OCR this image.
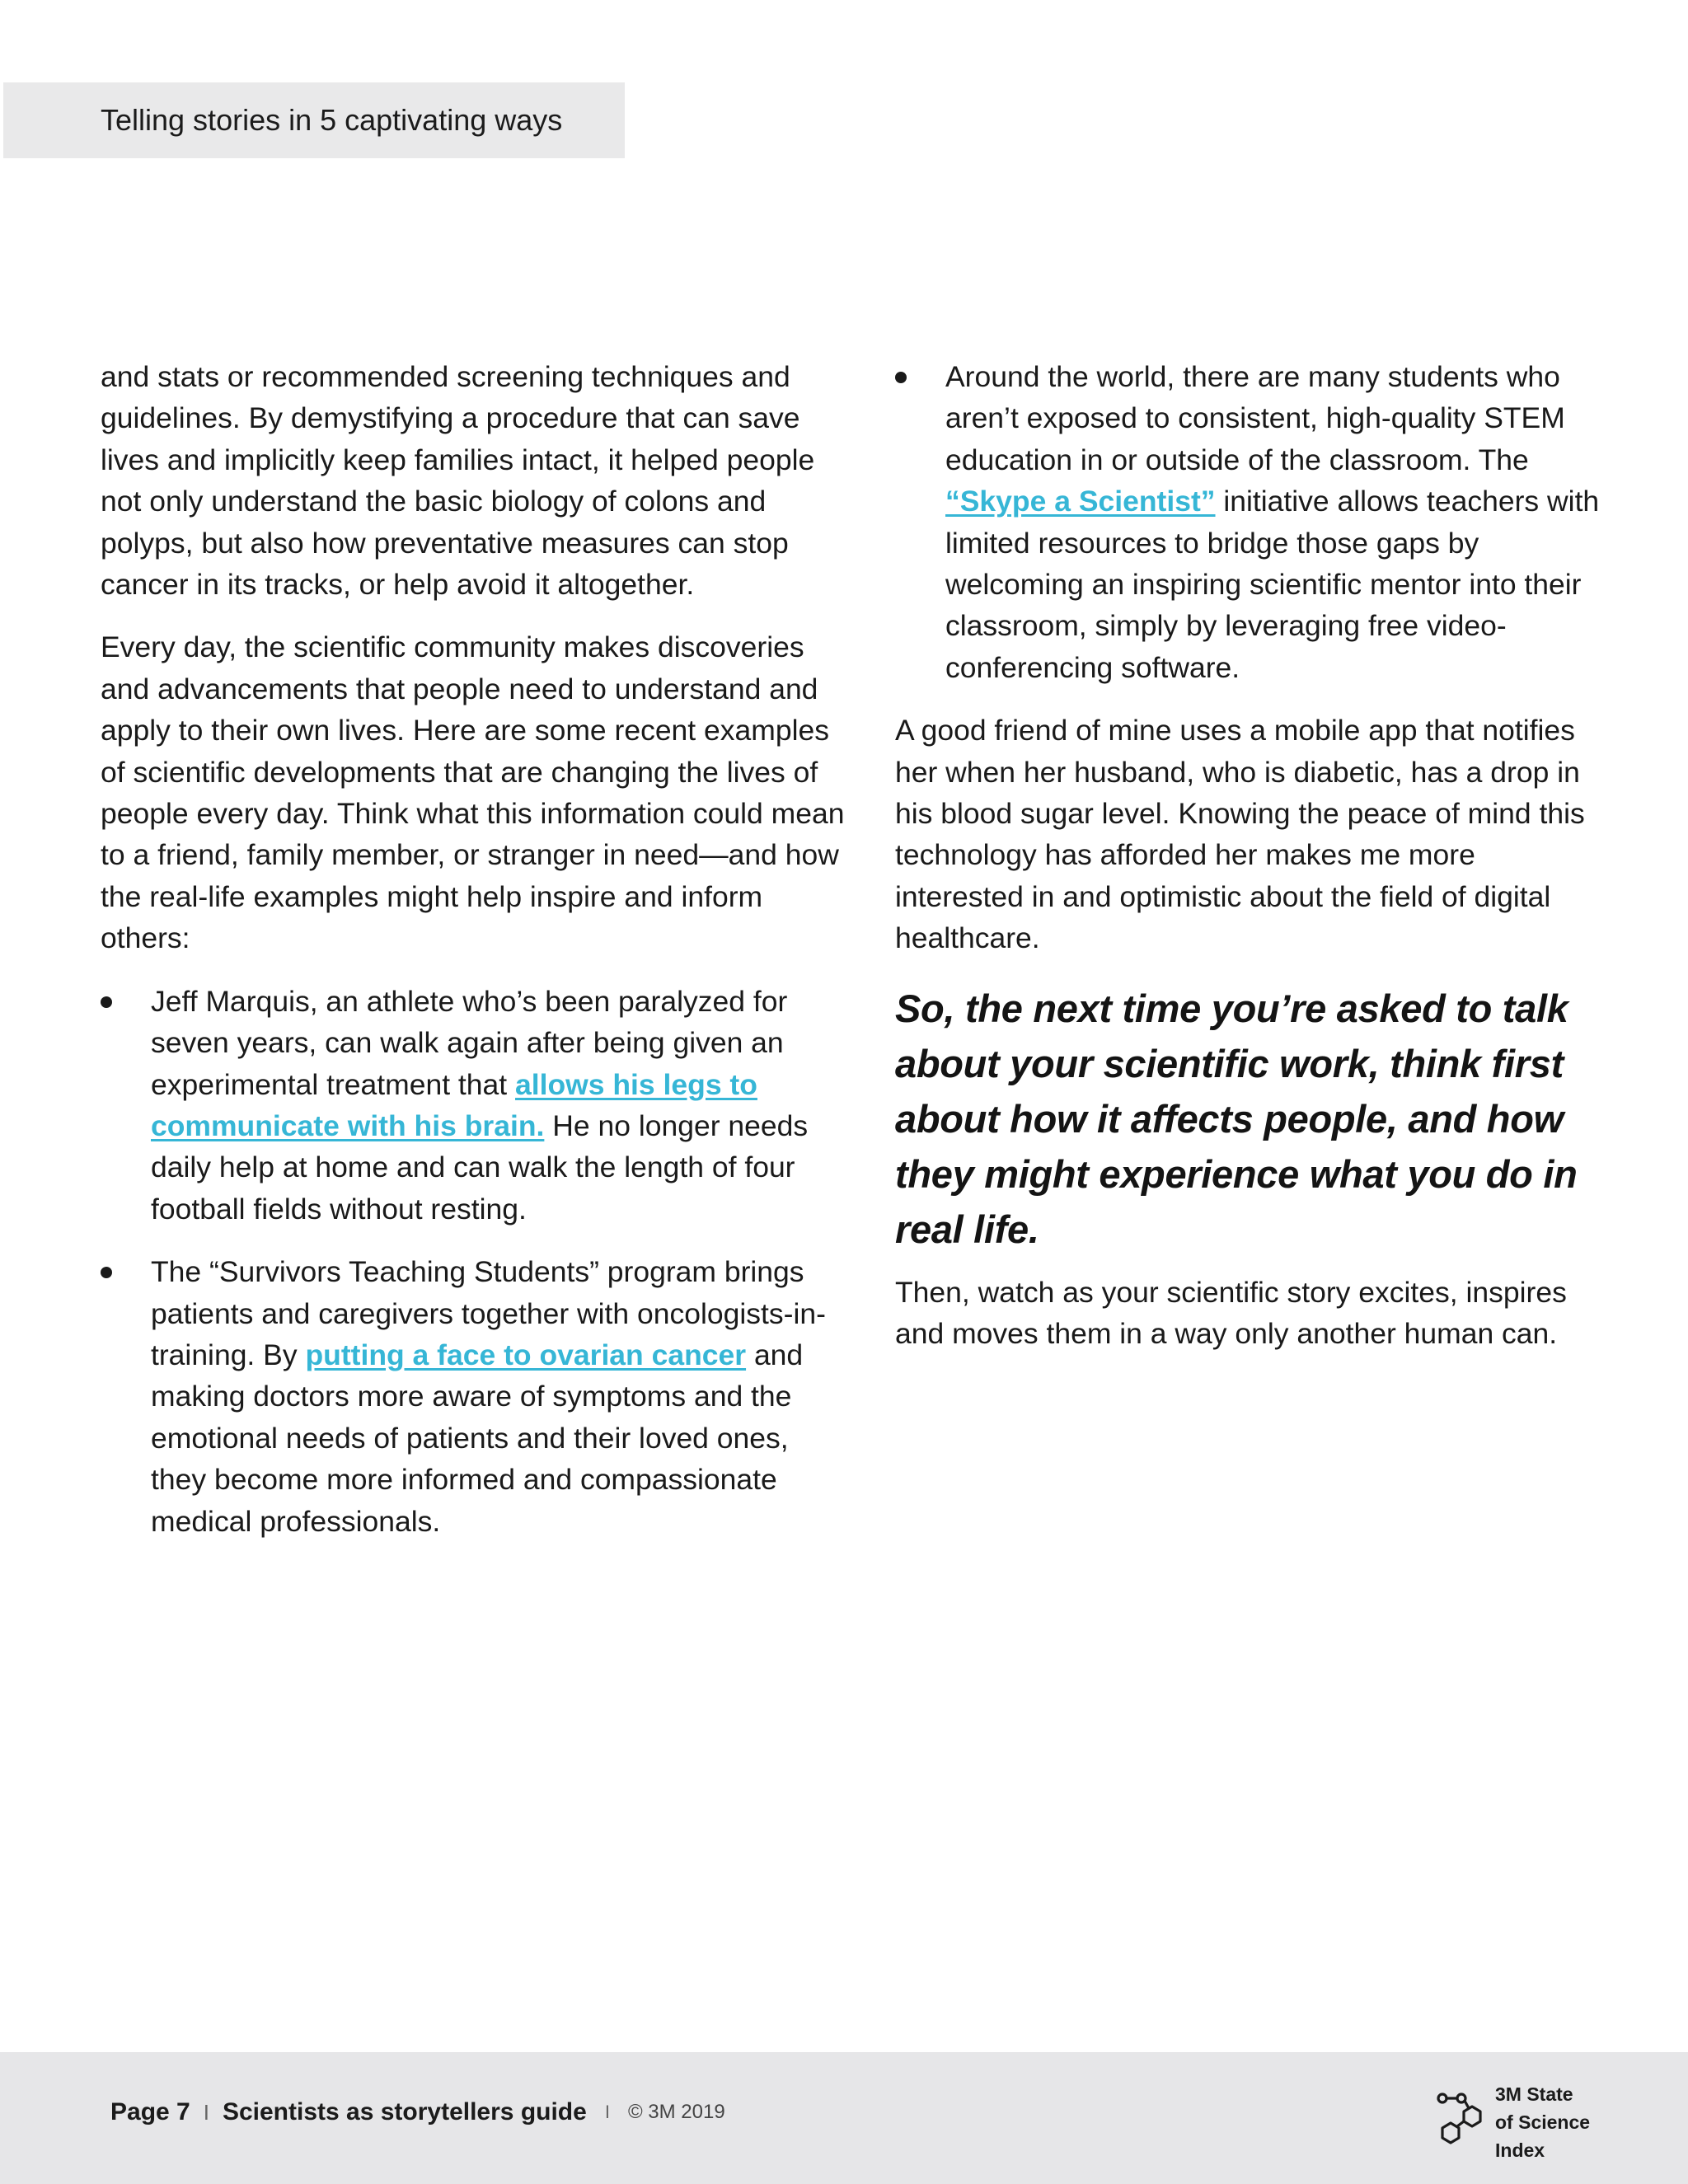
Telling stories in 5 captivating ways

and stats or recommended screening techniques and guidelines. By demystifying a procedure that can save lives and implicitly keep families intact, it helped people not only understand the basic biology of colons and polyps, but also how preventative measures can stop cancer in its tracks, or help avoid it altogether.

Every day, the scientific community makes discoveries and advancements that people need to understand and apply to their own lives. Here are some recent examples of scientific developments that are changing the lives of people every day. Think what this information could mean to a friend, family member, or stranger in need—and how the real-life examples might help inspire and inform others:

Jeff Marquis, an athlete who’s been paralyzed for seven years, can walk again after being given an experimental treatment that allows his legs to communicate with his brain. He no longer needs daily help at home and can walk the length of four football fields without resting.
The “Survivors Teaching Students” program brings patients and caregivers together with oncologists-in-training. By putting a face to ovarian cancer and making doctors more aware of symptoms and the emotional needs of patients and their loved ones, they become more informed and compassionate medical professionals.
Around the world, there are many students who aren’t exposed to consistent, high-quality STEM education in or outside of the classroom. The “Skype a Scientist” initiative allows teachers with limited resources to bridge those gaps by welcoming an inspiring scientific mentor into their classroom, simply by leveraging free video-conferencing software.

A good friend of mine uses a mobile app that notifies her when her husband, who is diabetic, has a drop in his blood sugar level. Knowing the peace of mind this technology has afforded her makes me more interested in and optimistic about the field of digital healthcare.

So, the next time you’re asked to talk about your scientific work, think first about how it affects people, and how they might experience what you do in real life.

Then, watch as your scientific story excites, inspires and moves them in a way only another human can.

Page 7 I Scientists as storytellers guide I © 3M 2019
3M State
of Science
Index
